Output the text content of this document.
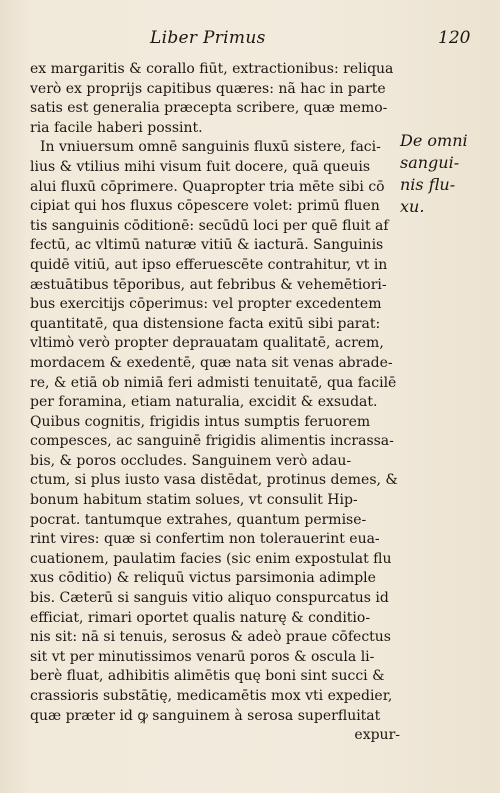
Liber Primus	120
ex margaritis & corallo fiūt, extractionibus: reliqua
verò ex proprijs capitibus quæres: nã hac in parte
satis est generalia præcepta scribere, quæ memo-
ria facile haberi possint.
In vniuersum omnē sanguinis fluxū sistere, faci-
lius & vtilius mihi visum fuit docere, quā queuis
alui fluxū cōprimere. Quapropter tria mēte sibi cō
cipiat qui hos fluxus cōpescere volet: primū fluen
tis sanguinis cōditionē: secūdū loci per quē fluit af
fectū, ac vltimū naturæ vitiū & iacturā. Sanguinis
quidē vitiū, aut ipso efferuescēte contrahitur, vt in
æstuātibus tēporibus, aut febribus & vehemētiori-
bus exercitijs cōperimus: vel propter excedentem
quantitatē, qua distensione facta exitū sibi parat:
vltimò verò propter deprauatam qualitatē, acrem,
mordacem & exedentē, quæ nata sit venas abrade-
re, & etiā ob nimiā feri admisti tenuitatē, qua facilē
per foramina, etiam naturalia, excidit & exsudat.
Quibus cognitis, frigidis intus sumptis feruorem
compesces, ac sanguinē frigidis alimentis incrassa-
bis, & poros occludes. Sanguinem verò adau-
ctum, si plus iusto vasa distēdat, protinus demes, &
bonum habitum statim solues, vt consulit Hip-
pocrat. tantumque extrahes, quantum permise-
rint vires: quæ si confertim non tolerauerint eua-
cuationem, paulatim facies (sic enim expostulat flu
xus cōditio) & reliquū victus parsimonia adimple
bis. Cæterū si sanguis vitio aliquo conspurcatus id
efficiat, rimari oportet qualis naturę & conditio-
nis sit: nā si tenuis, serosus & adeò praue cōfectus
sit vt per minutissimos venarū poros & oscula li-
berè fluat, adhibitis alimētis quę boni sint succi &
crassioris substātię, medicamētis mox vti expedier,
quæ præter id ꝙ sanguinem à serosa superfluitat
expur-
De omni
sangui-
nis flu-
xu.
